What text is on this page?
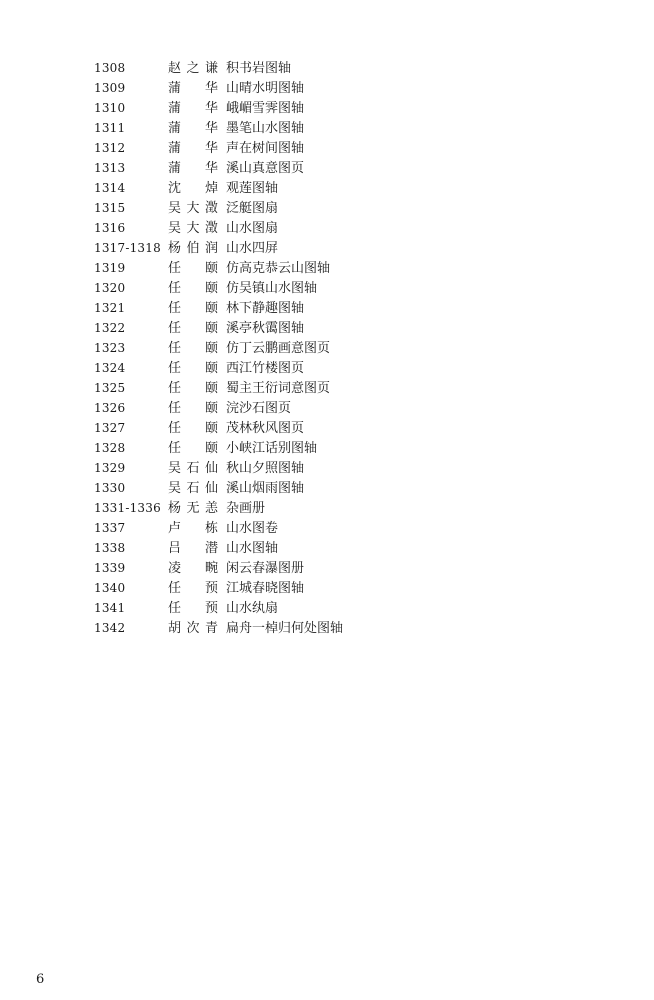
1308	赵之谦 积书岩图轴
1309	蒲　华 山晴水明图轴
1310	蒲　华 峨嵋雪霁图轴
1311	蒲　华 墨笔山水图轴
1312	蒲　华 声在树间图轴
1313	蒲　华 溪山真意图页
1314	沈　焯 观莲图轴
1315	吴大澂 泛艇图扇
1316	吴大澂 山水图扇
1317-1318 杨伯润 山水四屏
1319	任　颐 仿高克恭云山图轴
1320	任　颐 仿吴镇山水图轴
1321	任　颐 林下静趣图轴
1322	任　颐 溪亭秋霭图轴
1323	任　颐 仿丁云鹏画意图页
1324	任　颐 西江竹楼图页
1325	任　颐 蜀主王衍词意图页
1326	任　颐 浣沙石图页
1327	任　颐 茂林秋风图页
1328	任　颐 小峡江话别图轴
1329	吴石仙 秋山夕照图轴
1330	吴石仙 溪山烟雨图轴
1331-1336 杨无恙 杂画册
1337	卢　栋 山水图卷
1338	吕　潜 山水图轴
1339	凌　畹 闲云春瀑图册
1340	任　预 江城春晓图轴
1341	任　预 山水纨扇
1342	胡次青 扁舟一棹归何处图轴
6
